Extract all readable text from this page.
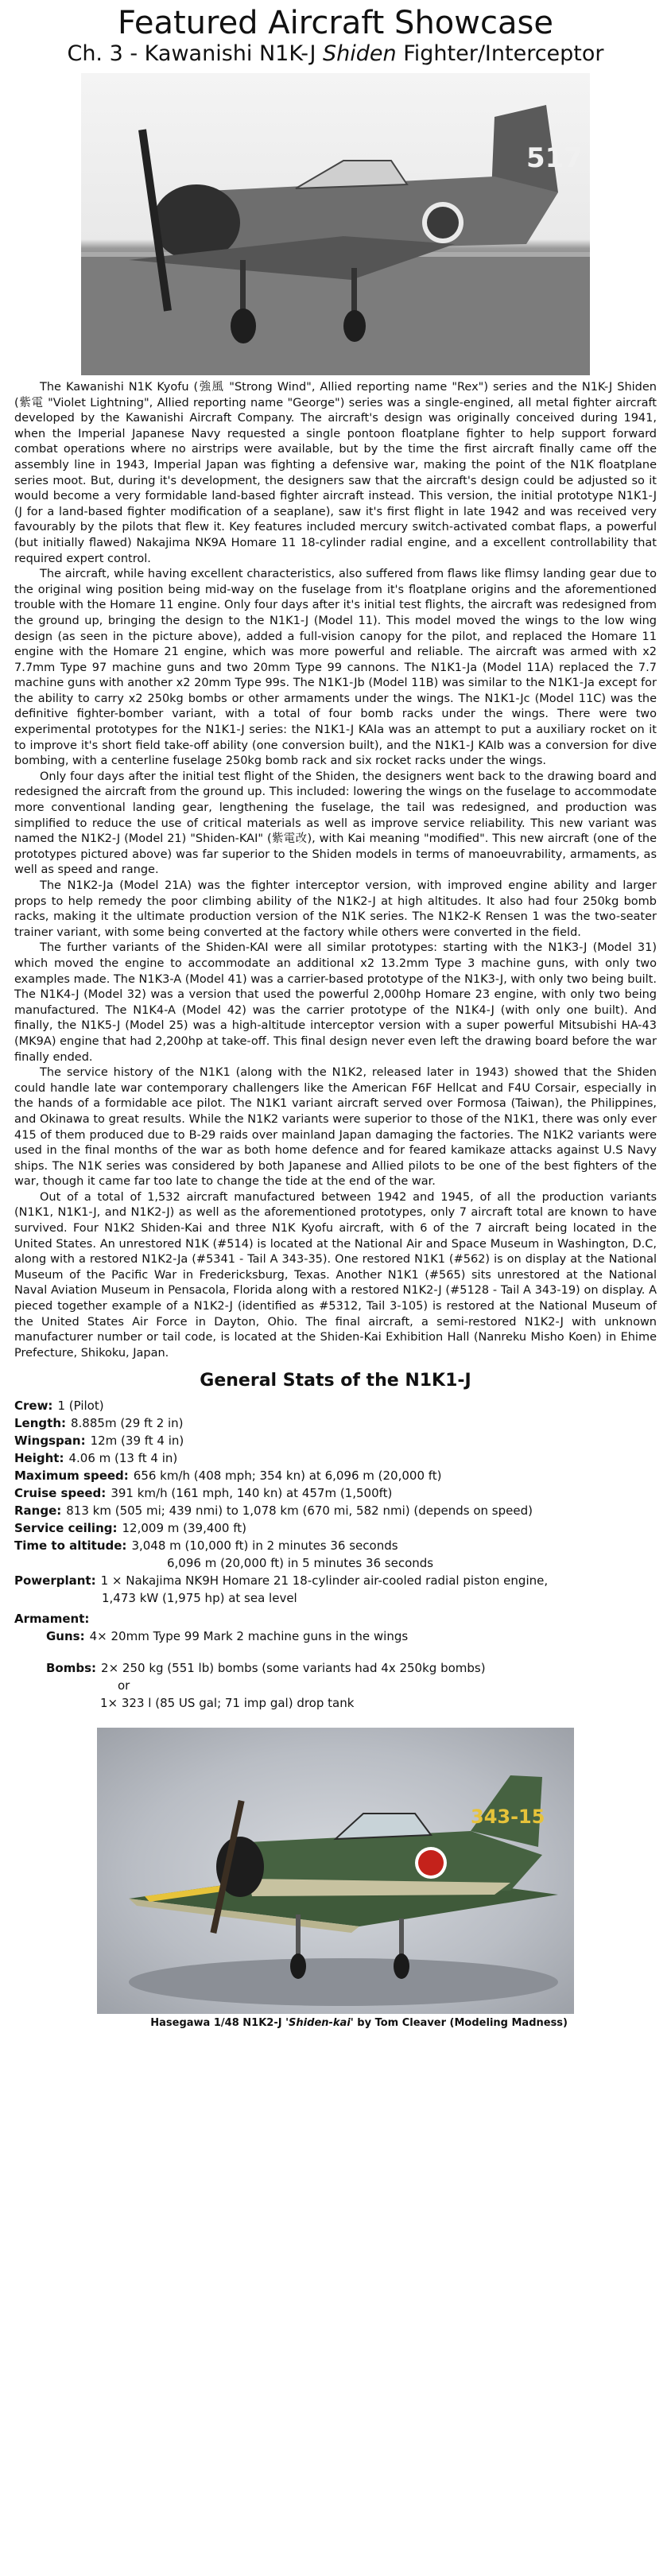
Featured Aircraft Showcase
Ch. 3 - Kawanishi N1K-J Shiden Fighter/Interceptor
517

The Kawanishi N1K Kyofu (強風 "Strong Wind", Allied reporting name "Rex") series and the N1K-J Shiden (紫電 "Violet Lightning", Allied reporting name "George") series was a single-engined, all metal fighter aircraft developed by the Kawanishi Aircraft Company. The aircraft's design was originally conceived during 1941, when the Imperial Japanese Navy requested a single pontoon floatplane fighter to help support forward combat operations where no airstrips were available, but by the time the first aircraft finally came off the assembly line in 1943, Imperial Japan was fighting a defensive war, making the point of the N1K floatplane series moot. But, during it's development, the designers saw that the aircraft's design could be adjusted so it would become a very formidable land-based fighter aircraft instead. This version, the initial prototype N1K1-J (J for a land-based fighter modification of a seaplane), saw it's first flight in late 1942 and was received very favourably by the pilots that flew it. Key features included mercury switch-activated combat flaps, a powerful (but initially flawed) Nakajima NK9A Homare 11 18-cylinder radial engine, and a excellent controllability that required expert control.

The aircraft, while having excellent characteristics, also suffered from flaws like flimsy landing gear due to the original wing position being mid-way on the fuselage from it's floatplane origins and the aforementioned trouble with the Homare 11 engine. Only four days after it's initial test flights, the aircraft was redesigned from the ground up, bringing the design to the N1K1-J (Model 11). This model moved the wings to the low wing design (as seen in the picture above), added a full-vision canopy for the pilot, and replaced the Homare 11 engine with the Homare 21 engine, which was more powerful and reliable. The aircraft was armed with x2 7.7mm Type 97 machine guns and two 20mm Type 99 cannons. The N1K1-Ja (Model 11A) replaced the 7.7 machine guns with another x2 20mm Type 99s. The N1K1-Jb (Model 11B) was similar to the N1K1-Ja except for the ability to carry x2 250kg bombs or other armaments under the wings. The N1K1-Jc (Model 11C) was the definitive fighter-bomber variant, with a total of four bomb racks under the wings. There were two experimental prototypes for the N1K1-J series: the N1K1-J KAIa was an attempt to put a auxiliary rocket on it to improve it's short field take-off ability (one conversion built), and the N1K1-J KAIb was a conversion for dive bombing, with a centerline fuselage 250kg bomb rack and six rocket racks under the wings.

Only four days after the initial test flight of the Shiden, the designers went back to the drawing board and redesigned the aircraft from the ground up. This included: lowering the wings on the fuselage to accommodate more conventional landing gear, lengthening the fuselage, the tail was redesigned, and production was simplified to reduce the use of critical materials as well as improve service reliability. This new variant was named the N1K2-J (Model 21) "Shiden-KAI" (紫電改), with Kai meaning "modified". This new aircraft (one of the prototypes pictured above) was far superior to the Shiden models in terms of manoeuvrability, armaments, as well as speed and range.

The N1K2-Ja (Model 21A) was the fighter interceptor version, with improved engine ability and larger props to help remedy the poor climbing ability of the N1K2-J at high altitudes. It also had four 250kg bomb racks, making it the ultimate production version of the N1K series. The N1K2-K Rensen 1 was the two-seater trainer variant, with some being converted at the factory while others were converted in the field.

The further variants of the Shiden-KAI were all similar prototypes: starting with the N1K3-J (Model 31) which moved the engine to accommodate an additional x2 13.2mm Type 3 machine guns, with only two examples made. The N1K3-A (Model 41) was a carrier-based prototype of the N1K3-J, with only two being built. The N1K4-J (Model 32) was a version that used the powerful 2,000hp Homare 23 engine, with only two being manufactured. The N1K4-A (Model 42) was the carrier prototype of the N1K4-J (with only one built). And finally, the N1K5-J (Model 25) was a high-altitude interceptor version with a super powerful Mitsubishi HA-43 (MK9A) engine that had 2,200hp at take-off. This final design never even left the drawing board before the war finally ended.

The service history of the N1K1 (along with the N1K2, released later in 1943) showed that the Shiden could handle late war contemporary challengers like the American F6F Hellcat and F4U Corsair, especially in the hands of a formidable ace pilot. The N1K1 variant aircraft served over Formosa (Taiwan), the Philippines, and Okinawa to great results. While the N1K2 variants were superior to those of the N1K1, there was only ever 415 of them produced due to B-29 raids over mainland Japan damaging the factories. The N1K2 variants were used in the final months of the war as both home defence and for feared kamikaze attacks against U.S Navy ships. The N1K series was considered by both Japanese and Allied pilots to be one of the best fighters of the war, though it came far too late to change the tide at the end of the war.

Out of a total of 1,532 aircraft manufactured between 1942 and 1945, of all the production variants (N1K1, N1K1-J, and N1K2-J) as well as the aforementioned prototypes, only 7 aircraft total are known to have survived. Four N1K2 Shiden-Kai and three N1K Kyofu aircraft, with 6 of the 7 aircraft being located in the United States. An unrestored N1K (#514) is located at the National Air and Space Museum in Washington, D.C, along with a restored N1K2-Ja (#5341 - Tail A 343-35). One restored N1K1 (#562) is on display at the National Museum of the Pacific War in Fredericksburg, Texas. Another N1K1 (#565) sits unrestored at the National Naval Aviation Museum in Pensacola, Florida along with a restored N1K2-J (#5128 - Tail A 343-19) on display. A pieced together example of a N1K2-J (identified as #5312, Tail 3-105) is restored at the National Museum of the United States Air Force in Dayton, Ohio. The final aircraft, a semi-restored N1K2-J with unknown manufacturer number or tail code, is located at the Shiden-Kai Exhibition Hall (Nanreku Misho Koen) in Ehime Prefecture, Shikoku, Japan.

General Stats of the N1K1-J
Crew: 1 (Pilot)
Length: 8.885m (29 ft 2 in)
Wingspan: 12m (39 ft 4 in)
Height: 4.06 m (13 ft 4 in)
Maximum speed: 656 km/h (408 mph; 354 kn) at 6,096 m (20,000 ft)
Cruise speed: 391 km/h (161 mph, 140 kn) at 457m (1,500ft)
Range: 813 km (505 mi; 439 nmi) to 1,078 km (670 mi, 582 nmi) (depends on speed)
Service ceiling: 12,009 m (39,400 ft)
Time to altitude: 3,048 m (10,000 ft) in 2 minutes 36 seconds
6,096 m (20,000 ft) in 5 minutes 36 seconds
Powerplant: 1 × Nakajima NK9H Homare 21 18-cylinder air-cooled radial piston engine,
1,473 kW (1,975 hp) at sea level
Armament:
Guns: 4× 20mm Type 99 Mark 2 machine guns in the wings
Bombs: 2× 250 kg (551 lb) bombs (some variants had 4x 250kg bombs)
or
1× 323 l (85 US gal; 71 imp gal) drop tank
343-15
Hasegawa 1/48 N1K2-J 'Shiden-kai' by Tom Cleaver (Modeling Madness)
